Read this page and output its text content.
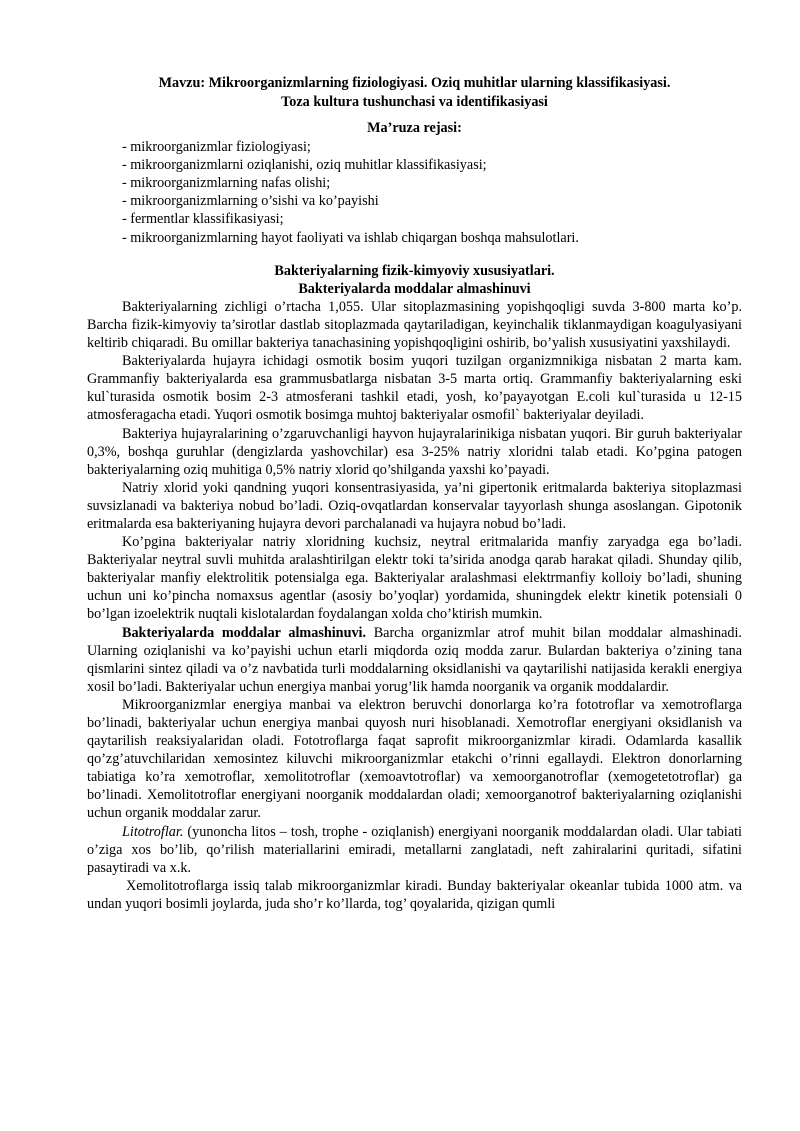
Mavzu: Mikroorganizmlarning fiziologiyasi. Oziq muhitlar ularning klassifikasiyasi.
Toza kultura tushunchasi va identifikasiyasi
Ma’ruza rejasi:
- mikroorganizmlar fiziologiyasi;
- mikroorganizmlarni oziqlanishi, oziq muhitlar klassifikasiyasi;
- mikroorganizmlarning nafas olishi;
- mikroorganizmlarning o’sishi va ko’payishi
- fermentlar klassifikasiyasi;
- mikroorganizmlarning hayot faoliyati va ishlab chiqargan boshqa mahsulotlari.
Bakteriyalarning fizik-kimyoviy xususiyatlari.
Bakteriyalarda moddalar almashinuvi

Bakteriyalarning zichligi o’rtacha 1,055. Ular sitoplazmasining yopishqoqligi suvda 3-800 marta ko’p. Barcha fizik-kimyoviy ta’sirotlar dastlab sitoplazmada qaytariladigan, keyinchalik tiklanmaydigan koagulyasiyani keltirib chiqaradi. Bu omillar bakteriya tanachasining yopishqoqligini oshirib, bo’yalish xususiyatini yaxshilaydi.

Bakteriyalarda hujayra ichidagi osmotik bosim yuqori tuzilgan organizmnikiga nisbatan 2 marta kam. Grammanfiy bakteriyalarda esa grammusbatlarga nisbatan 3-5 marta ortiq. Grammanfiy bakteriyalarning eski kul`turasida osmotik bosim 2-3 atmosferani tashkil etadi, yosh, ko’payayotgan E.coli kul`turasida u 12-15 atmosferagacha etadi. Yuqori osmotik bosimga muhtoj bakteriyalar osmofil` bakteriyalar deyiladi.

Bakteriya hujayralarining o’zgaruvchanligi hayvon hujayralarinikiga nisbatan yuqori. Bir guruh bakteriyalar 0,3%, boshqa guruhlar (dengizlarda yashovchilar) esa 3-25% natriy xloridni talab etadi. Ko’pgina patogen bakteriyalarning oziq muhitiga 0,5% natriy xlorid qo’shilganda yaxshi ko’payadi.

Natriy xlorid yoki qandning yuqori konsentrasiyasida, ya’ni gipertonik eritmalarda bakteriya sitoplazmasi suvsizlanadi va bakteriya nobud bo’ladi. Oziq-ovqatlardan konservalar tayyorlash shunga asoslangan. Gipotonik eritmalarda esa bakteriyaning hujayra devori parchalanadi va hujayra nobud bo’ladi.

Ko’pgina bakteriyalar natriy xloridning kuchsiz, neytral eritmalarida manfiy zaryadga ega bo’ladi. Bakteriyalar neytral suvli muhitda aralashtirilgan elektr toki ta’sirida anodga qarab harakat qiladi. Shunday qilib, bakteriyalar manfiy elektrolitik potensialga ega. Bakteriyalar aralashmasi elektrmanfiy kolloiy bo’ladi, shuning uchun uni ko’pincha nomaxsus agentlar (asosiy bo’yoqlar) yordamida, shuningdek elektr kinetik potensiali 0 bo’lgan izoelektrik nuqtali kislotalardan foydalangan xolda cho’ktirish mumkin.

Bakteriyalarda moddalar almashinuvi. Barcha organizmlar atrof muhit bilan moddalar almashinadi. Ularning oziqlanishi va ko’payishi uchun etarli miqdorda oziq modda zarur. Bulardan bakteriya o’zining tana qismlarini sintez qiladi va o’z navbatida turli moddalarning oksidlanishi va qaytarilishi natijasida kerakli energiya xosil bo’ladi. Bakteriyalar uchun energiya manbai yorug’lik hamda noorganik va organik moddalardir.

Mikroorganizmlar energiya manbai va elektron beruvchi donorlarga ko’ra fototroflar va xemotroflarga bo’linadi, bakteriyalar uchun energiya manbai quyosh nuri hisoblanadi. Xemotroflar energiyani oksidlanish va qaytarilish reaksiyalaridan oladi. Fototroflarga faqat saprofit mikroorganizmlar kiradi. Odamlarda kasallik qo’zg’atuvchilaridan xemosintez kiluvchi mikroorganizmlar etakchi o’rinni egallaydi. Elektron donorlarning tabiatiga ko’ra xemotroflar, xemolitotroflar (xemoavtotroflar) va xemoorganotroflar (xemogetetotroflar) ga bo’linadi. Xemolitotroflar energiyani noorganik moddalardan oladi; xemoorganotrof bakteriyalarning oziqlanishi uchun organik moddalar zarur.

Litotroflar. (yunoncha litos – tosh, trophe - oziqlanish) energiyani noorganik moddalardan oladi. Ular tabiati o’ziga xos bo’lib, qo’rilish materiallarini emiradi, metallarni zanglatadi, neft zahiralarini quritadi, sifatini pasaytiradi va x.k.

Xemolitotroflarga issiq talab mikroorganizmlar kiradi. Bunday bakteriyalar okeanlar tubida 1000 atm. va undan yuqori bosimli joylarda, juda sho’r ko’llarda, tog’ qoyalarida, qizigan qumli
